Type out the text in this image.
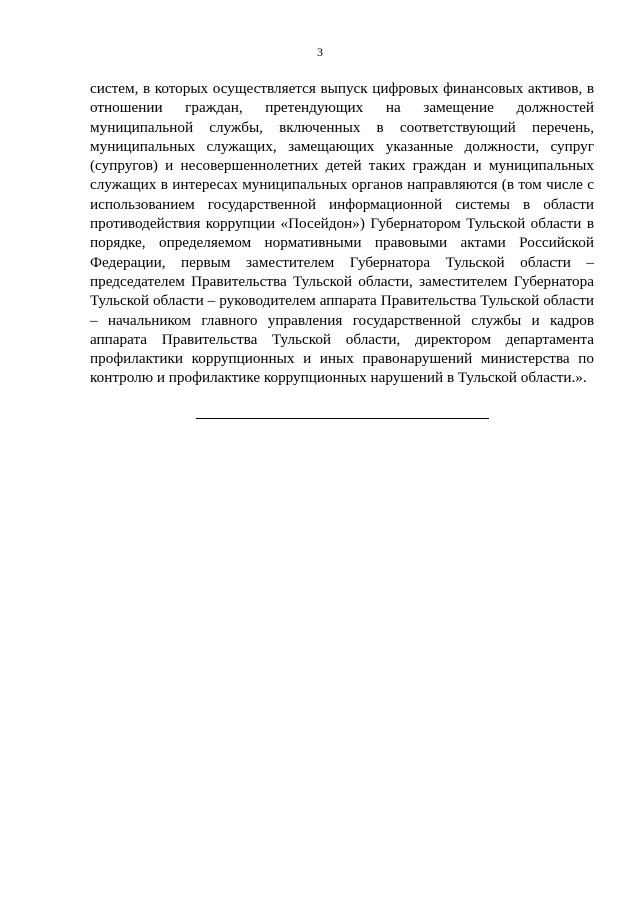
3

систем, в которых осуществляется выпуск цифровых финансовых активов, в отношении граждан, претендующих на замещение должностей муниципальной службы, включенных в соответствующий перечень, муниципальных служащих, замещающих указанные должности, супруг (супругов) и несовершеннолетних детей таких граждан и муниципальных служащих в интересах муниципальных органов направляются (в том числе с использованием государственной информационной системы в области противодействия коррупции «Посейдон») Губернатором Тульской области в порядке, определяемом нормативными правовыми актами Российской Федерации, первым заместителем Губернатора Тульской области – председателем Правительства Тульской области, заместителем Губернатора Тульской области – руководителем аппарата Правительства Тульской области – начальником главного управления государственной службы и кадров аппарата Правительства Тульской области, директором департамента профилактики коррупционных и иных правонарушений министерства по контролю и профилактике коррупционных нарушений в Тульской области.».
